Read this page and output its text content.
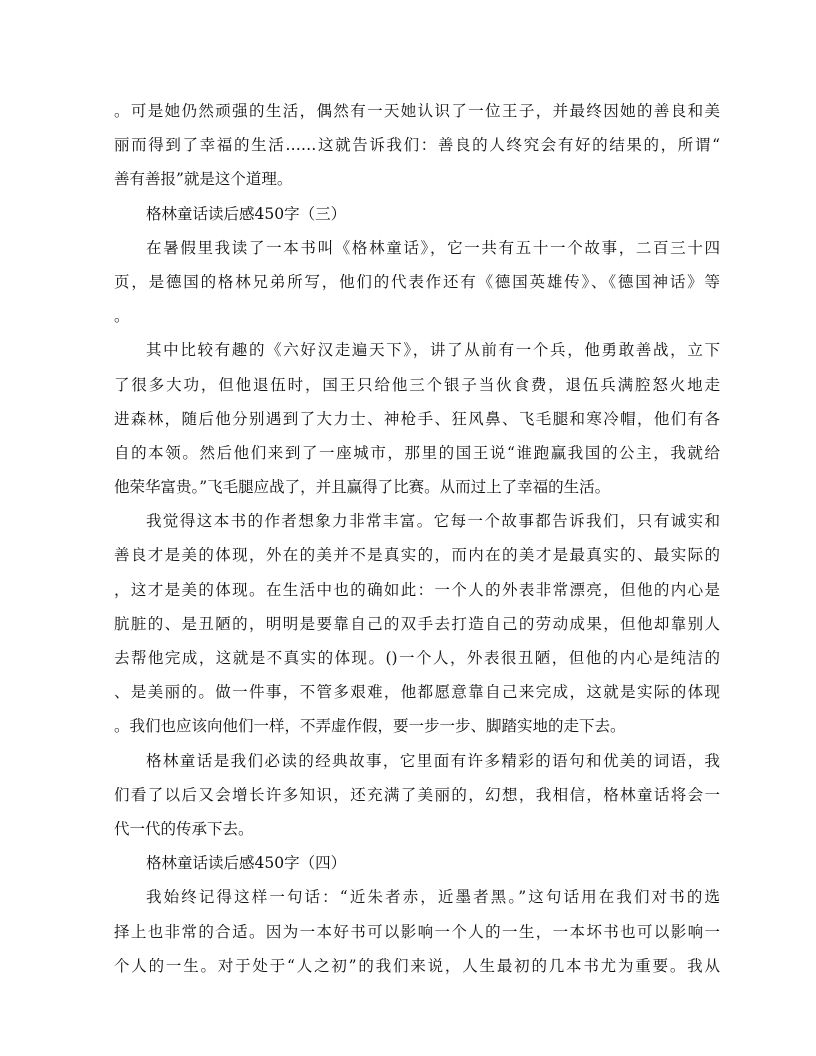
。可是她仍然顽强的生活，偶然有一天她认识了一位王子，并最终因她的善良和美
丽而得到了幸福的生活……这就告诉我们：善良的人终究会有好的结果的，所谓“
善有善报”就是这个道理。
格林童话读后感450字（三）
在暑假里我读了一本书叫《格林童话》，它一共有五十一个故事，二百三十四
页，是德国的格林兄弟所写，他们的代表作还有《德国英雄传》、《德国神话》等
。
其中比较有趣的《六好汉走遍天下》，讲了从前有一个兵，他勇敢善战，立下
了很多大功，但他退伍时，国王只给他三个银子当伙食费，退伍兵满腔怒火地走
进森林，随后他分别遇到了大力士、神枪手、狂风鼻、飞毛腿和寒冷帽，他们有各
自的本领。然后他们来到了一座城市，那里的国王说“谁跑赢我国的公主，我就给
他荣华富贵。”飞毛腿应战了，并且赢得了比赛。从而过上了幸福的生活。
我觉得这本书的作者想象力非常丰富。它每一个故事都告诉我们，只有诚实和
善良才是美的体现，外在的美并不是真实的，而内在的美才是最真实的、最实际的
，这才是美的体现。在生活中也的确如此：一个人的外表非常漂亮，但他的内心是
肮脏的、是丑陋的，明明是要靠自己的双手去打造自己的劳动成果，但他却靠别人
去帮他完成，这就是不真实的体现。()一个人，外表很丑陋，但他的内心是纯洁的
、是美丽的。做一件事，不管多艰难，他都愿意靠自己来完成，这就是实际的体现
。我们也应该向他们一样，不弄虚作假，要一步一步、脚踏实地的走下去。
格林童话是我们必读的经典故事，它里面有许多精彩的语句和优美的词语，我
们看了以后又会增长许多知识，还充满了美丽的，幻想，我相信，格林童话将会一
代一代的传承下去。
格林童话读后感450字（四）
我始终记得这样一句话：“近朱者赤，近墨者黑。”这句话用在我们对书的选
择上也非常的合适。因为一本好书可以影响一个人的一生，一本坏书也可以影响一
个人的一生。对于处于“人之初”的我们来说，人生最初的几本书尤为重要。我从
